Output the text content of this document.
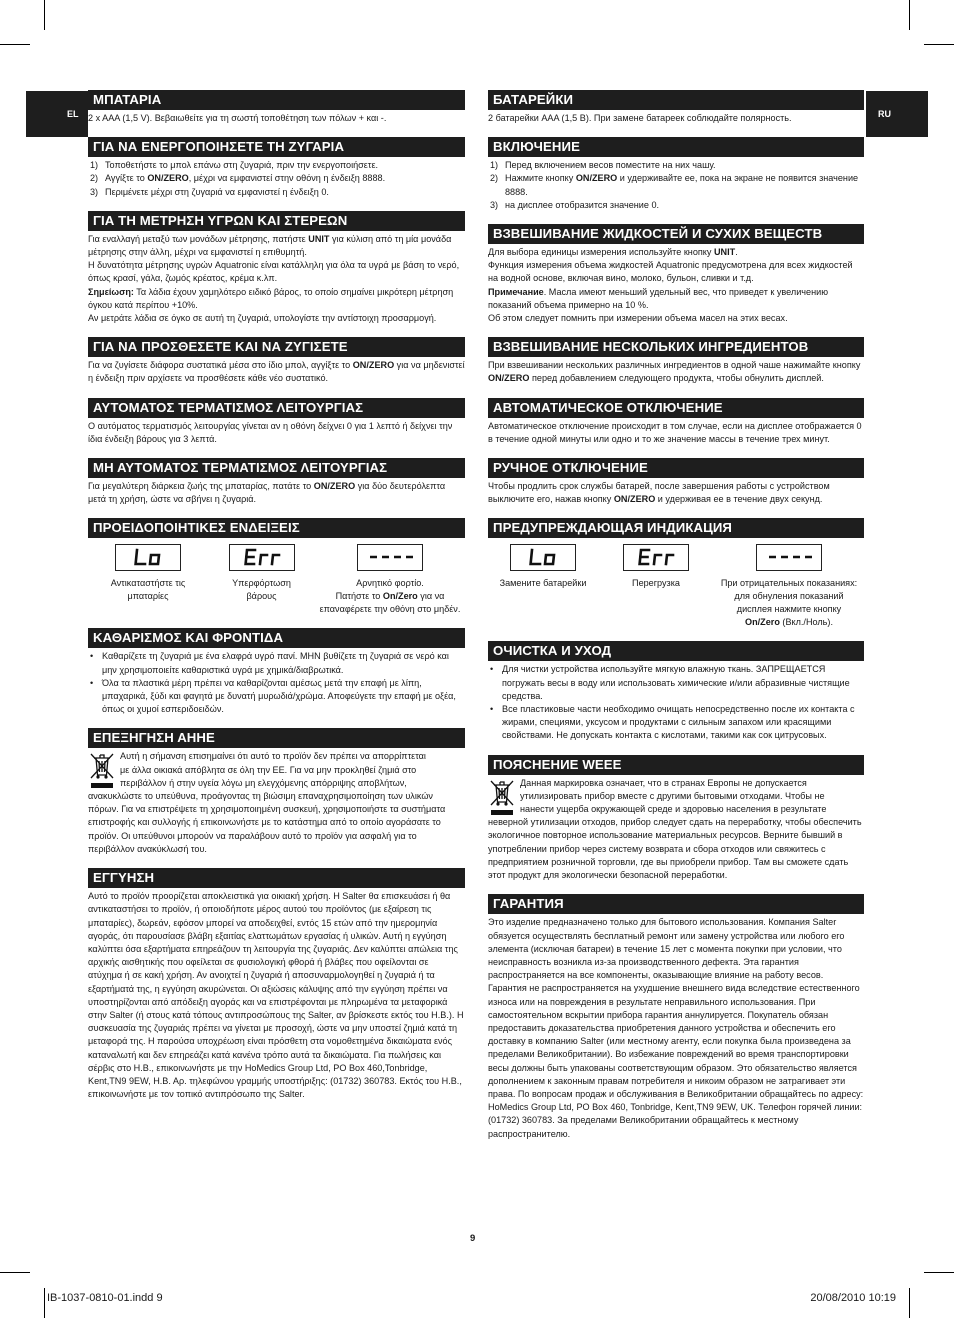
EL	RU
ΜΠΑΤΑΡΙΑ

2 x AAA (1,5 V). Βεβαιωθείτε για τη σωστή τοποθέτηση των πόλων + και -.

ΓΙΑ ΝΑ ΕΝΕΡΓΟΠΟΙΗΣΕΤΕ ΤΗ ΖΥΓΑΡΙΑ
1) Τοποθετήστε το μπολ επάνω στη ζυγαριά, πριν την ενεργοποιήσετε.
2) Αγγίξτε το ON/ZERO, μέχρι να εμφανιστεί στην οθόνη η ένδειξη 8888.
3) Περιμένετε μέχρι στη ζυγαριά να εμφανιστεί η ένδειξη 0.
ΓΙΑ ΤΗ ΜΕΤΡΗΣΗ ΥΓΡΩΝ ΚΑΙ ΣΤΕΡΕΩΝ

Για εναλλαγή μεταξύ των μονάδων μέτρησης, πατήστε UNIT για κύλιση από τη μία μονάδα μέτρησης στην άλλη, μέχρι να εμφανιστεί η επιθυμητή.

Η δυνατότητα μέτρησης υγρών Aquatronic είναι κατάλληλη για όλα τα υγρά με βάση το νερό, όπως κρασί, γάλα, ζωμός κρέατος, κρέμα κ.λπ.

Σημείωση: Τα λάδια έχουν χαμηλότερο ειδικό βάρος, το οποίο σημαίνει μικρότερη μέτρηση όγκου κατά περίπου +10%.

Αν μετράτε λάδια σε όγκο σε αυτή τη ζυγαριά, υπολογίστε την αντίστοιχη προσαρμογή.

ΓΙΑ ΝΑ ΠΡΟΣΘΕΣΕΤΕ ΚΑΙ ΝΑ ΖΥΓΙΣΕΤΕ

Για να ζυγίσετε διάφορα συστατικά μέσα στο ίδιο μπολ, αγγίξτε το ON/ZERO για να μηδενιστεί η ένδειξη πριν αρχίσετε να προσθέσετε κάθε νέο συστατικό.

ΑΥΤΟΜΑΤΟΣ ΤΕΡΜΑΤΙΣΜΟΣ ΛΕΙΤΟΥΡΓΙΑΣ

Ο αυτόματος τερματισμός λειτουργίας γίνεται αν η οθόνη δείχνει 0 για 1 λεπτό ή δείχνει την ίδια ένδειξη βάρους για 3 λεπτά.

ΜΗ ΑΥΤΟΜΑΤΟΣ ΤΕΡΜΑΤΙΣΜΟΣ ΛΕΙΤΟΥΡΓΙΑΣ

Για μεγαλύτερη διάρκεια ζωής της μπαταρίας, πατάτε το ON/ZERO για δύο δευτερόλεπτα μετά τη χρήση, ώστε να σβήνει η ζυγαριά.

ΠΡΟΕΙΔΟΠΟΙΗΤΙΚΕΣ ΕΝΔΕΙΞΕΙΣ
Αντικαταστήστε τις
μπαταρίες
Υπερφόρτωση
βάρους
Αρνητικό φορτίο.
Πατήστε το On/Zero για να
επαναφέρετε την οθόνη στο μηδέν.
ΚΑΘΑΡΙΣΜΟΣ ΚΑΙ ΦΡΟΝΤΙΔΑ
• Καθαρίζετε τη ζυγαριά με ένα ελαφρά υγρό πανί. ΜΗΝ βυθίζετε τη ζυγαριά σε νερό και μην χρησιμοποιείτε καθαριστικά υγρά με χημικά/διαβρωτικά.
• Όλα τα πλαστικά μέρη πρέπει να καθαρίζονται αμέσως μετά την επαφή με λίπη, μπαχαρικά, ξύδι και φαγητά με δυνατή μυρωδιά/χρώμα. Αποφεύγετε την επαφή με οξέα, όπως οι χυμοί εσπεριδοειδών.
ΕΠΕΞΗΓΗΣΗ ΑΗΗΕ

Αυτή η σήμανση επισημαίνει ότι αυτό το προϊόν δεν πρέπει να απορρίπτεται

με άλλα οικιακά απόβλητα σε όλη την ΕΕ. Για να μην προκληθεί ζημιά στο

περιβάλλον ή στην υγεία λόγω μη ελεγχόμενης απόρριψης αποβλήτων,

ανακυκλώστε το υπεύθυνα, προάγοντας τη βιώσιμη επαναχρησιμοποίηση των υλικών πόρων. Για να επιστρέψετε τη χρησιμοποιημένη συσκευή, χρησιμοποιήστε τα συστήματα επιστροφής και συλλογής ή επικοινωνήστε με το κατάστημα από το οποίο αγοράσατε το προϊόν. Οι υπεύθυνοι μπορούν να παραλάβουν αυτό το προϊόν για ασφαλή για το περιβάλλον ανακύκλωσή του.

ΕΓΓΥΗΣΗ

Αυτό το προϊόν προορίζεται αποκλειστικά για οικιακή χρήση. Η Salter θα επισκευάσει ή θα αντικαταστήσει το προϊόν, ή οποιοδήποτε μέρος αυτού του προϊόντος (με εξαίρεση τις μπαταρίες), δωρεάν, εφόσον μπορεί να αποδειχθεί, εντός 15 ετών από την ημερομηνία αγοράς, ότι παρουσίασε βλάβη εξαιτίας ελαττωμάτων εργασίας ή υλικών. Αυτή η εγγύηση καλύπτει όσα εξαρτήματα επηρεάζουν τη λειτουργία της ζυγαριάς. Δεν καλύπτει απώλεια της αρχικής αισθητικής που οφείλεται σε φυσιολογική φθορά ή βλάβες που οφείλονται σε ατύχημα ή σε κακή χρήση. Αν ανοιχτεί η ζυγαριά ή αποσυναρμολογηθεί η ζυγαριά ή τα εξαρτήματά της, η εγγύηση ακυρώνεται. Οι αξιώσεις κάλυψης από την εγγύηση πρέπει να υποστηρίζονται από απόδειξη αγοράς και να επιστρέφονται με πληρωμένα τα μεταφορικά στην Salter (ή στους κατά τόπους αντιπροσώπους της Salter, αν βρίσκεστε εκτός του Η.Β.). Η συσκευασία της ζυγαριάς πρέπει να γίνεται με προσοχή, ώστε να μην υποστεί ζημιά κατά τη μεταφορά της. Η παρούσα υποχρέωση είναι πρόσθετη στα νομοθετημένα δικαιώματα ενός καταναλωτή και δεν επηρεάζει κατά κανένα τρόπο αυτά τα δικαιώματα. Για πωλήσεις και σέρβις στο Η.Β., επικοινωνήστε με την HoMedics Group Ltd, PO Box 460,Tonbridge, Kent,TN9 9EW, Η.Β. Αρ. τηλεφώνου γραμμής υποστήριξης: (01732) 360783. Εκτός του Η.Β., επικοινωνήστε με τον τοπικό αντιπρόσωπο της Salter.

БАТАРЕЙКИ

2 батарейки AAA (1,5 В). При замене батареек соблюдайте полярность.

ВКЛЮЧЕНИЕ
1) Перед включением весов поместите на них чашу.
2) Нажмите кнопку ON/ZERO и удерживайте ее, пока на экране не появится значение 8888.
3) на дисплее отобразится значение 0.
ВЗВЕШИВАНИЕ ЖИДКОСТЕЙ И СУХИХ ВЕЩЕСТВ

Для выбора единицы измерения используйте кнопку UNIT.

Функция измерения объема жидкостей Aquatronic предусмотрена для всех жидкостей на водной основе, включая вино, молоко, бульон, сливки и т.д.

Примечание. Масла имеют меньший удельный вес, что приведет к увеличению показаний объема примерно на 10 %.

Об этом следует помнить при измерении объема масел на этих весах.

ВЗВЕШИВАНИЕ НЕСКОЛЬКИХ ИНГРЕДИЕНТОВ

При взвешивании нескольких различных ингредиентов в одной чаше нажимайте кнопку ON/ZERO перед добавлением следующего продукта, чтобы обнулить дисплей.

АВТОМАТИЧЕСКОЕ ОТКЛЮЧЕНИЕ

Автоматическое отключение происходит в том случае, если на дисплее отображается 0 в течение одной минуты или одно и то же значение массы в течение трех минут.

РУЧНОЕ ОТКЛЮЧЕНИЕ

Чтобы продлить срок службы батарей, после завершения работы с устройством выключите его, нажав кнопку ON/ZERO и удерживая ее в течение двух секунд.

ПРЕДУПРЕЖДАЮЩАЯ ИНДИКАЦИЯ
Замените батарейки	Перегрузка	При отрицательных показаниях:
для обнуления показаний
дисплея нажмите кнопку
On/Zero (Вкл./Ноль).
ОЧИСТКА И УХОД
• Для чистки устройства используйте мягкую влажную ткань. ЗАПРЕЩАЕТСЯ погружать весы в воду или использовать химические и/или абразивные чистящие средства.
• Все пластиковые части необходимо очищать непосредственно после их контакта с жирами, специями, уксусом и продуктами с сильным запахом или красящими свойствами. Не допускать контакта с кислотами, такими как сок цитрусовых.
ПОЯСНЕНИЕ WEEE

Данная маркировка означает, что в странах Европы не допускается

утилизировать прибор вместе с другими бытовыми отходами. Чтобы не

нанести ущерба окружающей среде и здоровью населения в результате

неверной утилизации отходов, прибор следует сдать на переработку, чтобы обеспечить экологичное повторное использование материальных ресурсов. Верните бывший в употреблении прибор через систему возврата и сбора отходов или свяжитесь с предприятием розничной торговли, где вы приобрели прибор. Там вы сможете сдать этот продукт для экологически безопасной переработки.

ГАРАНТИЯ

Это изделие предназначено только для бытового использования. Компания Salter обязуется осуществлять бесплатный ремонт или замену устройства или любого его элемента (исключая батареи) в течение 15 лет с момента покупки при условии, что неисправность возникла из-за производственного дефекта. Эта гарантия распространяется на все компоненты, оказывающие влияние на работу весов. Гарантия не распространяется на ухудшение внешнего вида вследствие естественного износа или на повреждения в результате неправильного использования. При самостоятельном вскрытии прибора гарантия аннулируется. Покупатель обязан предоставить доказательства приобретения данного устройства и обеспечить его доставку в компанию Salter (или местному агенту, если покупка была произведена за пределами Великобритании). Во избежание повреждений во время транспортировки весы должны быть упакованы соответствующим образом. Это обязательство является дополнением к законным правам потребителя и никоим образом не затрагивает эти права. По вопросам продаж и обслуживания в Великобритании обращайтесь по адресу: HoMedics Group Ltd, PO Box 460, Tonbridge, Kent,TN9 9EW, UK. Телефон горячей линии: (01732) 360783. За пределами Великобритании обращайтесь к местному распространителю.

9
IB-1037-0810-01.indd 9	20/08/2010 10:19
